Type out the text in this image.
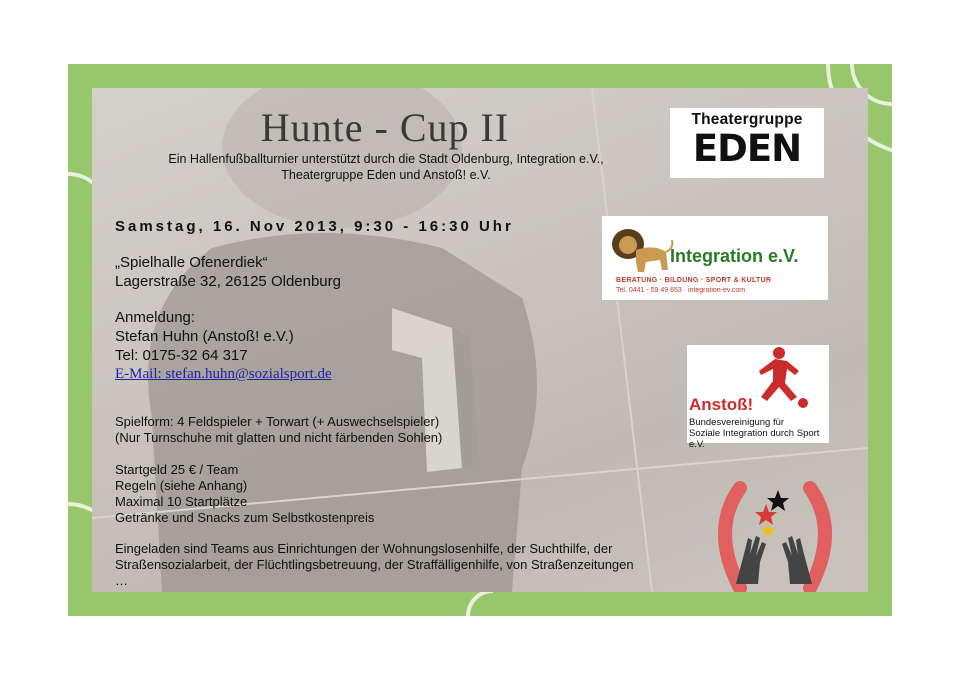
Hunte - Cup II
Ein Hallenfußballturnier unterstützt durch die Stadt Oldenburg, Integration e.V.,
Theatergruppe Eden und Anstoß! e.V.
Samstag, 16. Nov 2013, 9:30 - 16:30 Uhr
„Spielhalle Ofenerdiek“
Lagerstraße 32, 26125 Oldenburg
Anmeldung:
Stefan Huhn (Anstoß! e.V.)
Tel: 0175-32 64 317
E-Mail: stefan.huhn@sozialsport.de
Spielform: 4 Feldspieler + Torwart (+ Auswechselspieler)
(Nur Turnschuhe mit glatten und nicht färbenden Sohlen)
Startgeld 25 € / Team
Regeln (siehe Anhang)
Maximal 10 Startplätze
Getränke und Snacks zum Selbstkostenpreis
Eingeladen sind Teams aus Einrichtungen der Wohnungslosenhilfe, der Suchthilfe, der
Straßensozialarbeit, der Flüchtlingsbetreuung, der Straffälligenhilfe, von Straßenzeitungen
…
Theatergruppe
EDEN
Integration e.V.
BERATUNG · BILDUNG · SPORT & KULTUR
Tel. 0441 - 59 49 653 · integration-ev.com
Anstoß!
Bundesvereinigung für
Soziale Integration durch Sport e.V.
